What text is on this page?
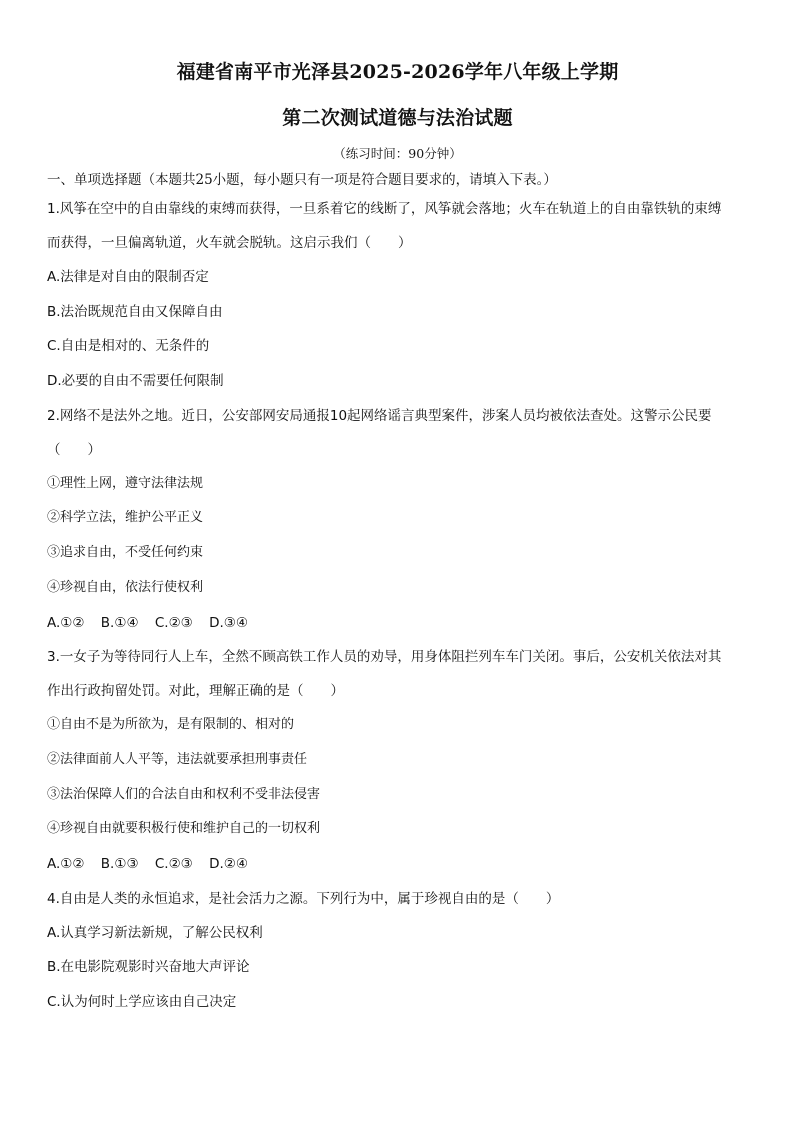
福建省南平市光泽县2025-2026学年八年级上学期
第二次测试道德与法治试题
（练习时间：90分钟）
一、单项选择题（本题共25小题，每小题只有一项是符合题目要求的，请填入下表。）
1.风筝在空中的自由靠线的束缚而获得，一旦系着它的线断了，风筝就会落地；火车在轨道上的自由靠铁轨的束缚
而获得，一旦偏离轨道，火车就会脱轨。这启示我们（　　）
A.法律是对自由的限制否定
B.法治既规范自由又保障自由
C.自由是相对的、无条件的
D.必要的自由不需要任何限制
2.网络不是法外之地。近日，公安部网安局通报10起网络谣言典型案件，涉案人员均被依法查处。这警示公民要
（　　）
①理性上网，遵守法律法规
②科学立法，维护公平正义
③追求自由，不受任何约束
④珍视自由，依法行使权利
A.①② B.①④ C.②③ D.③④
3.一女子为等待同行人上车，全然不顾高铁工作人员的劝导，用身体阻拦列车车门关闭。事后，公安机关依法对其
作出行政拘留处罚。对此，理解正确的是（　　）
①自由不是为所欲为，是有限制的、相对的
②法律面前人人平等，违法就要承担刑事责任
③法治保障人们的合法自由和权利不受非法侵害
④珍视自由就要积极行使和维护自己的一切权利
A.①② B.①③ C.②③ D.②④
4.自由是人类的永恒追求，是社会活力之源。下列行为中，属于珍视自由的是（　　）
A.认真学习新法新规，了解公民权利
B.在电影院观影时兴奋地大声评论
C.认为何时上学应该由自己决定
